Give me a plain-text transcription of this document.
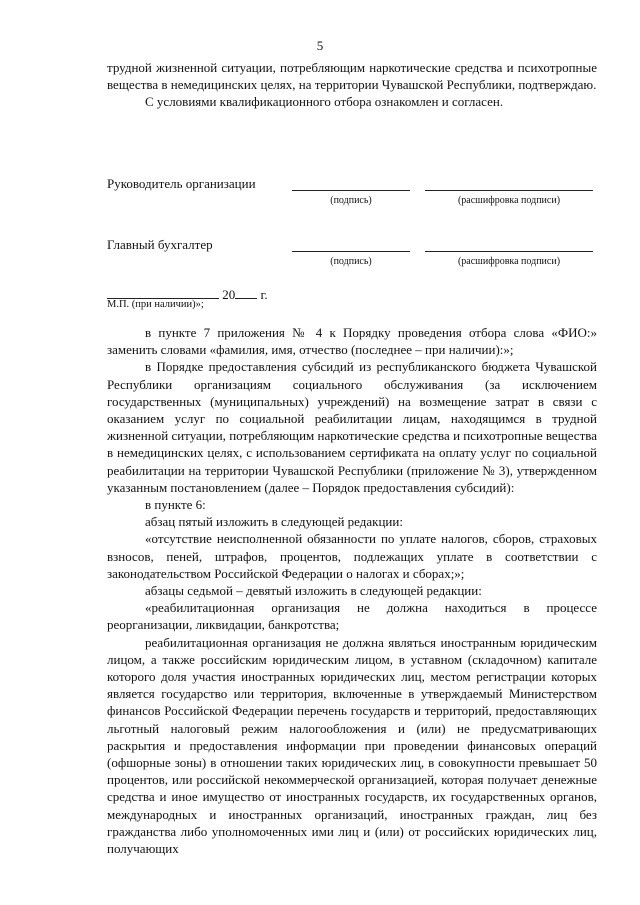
5

трудной жизненной ситуации, потребляющим наркотические средства и психотропные вещества в немедицинских целях, на территории Чувашской Республики, подтверждаю.

С условиями квалификационного отбора ознакомлен и согласен.

Руководитель организации
(подпись)	(расшифровка подписи)
Главный бухгалтер
(подпись)	(расшифровка подписи)
20 г.
М.П. (при наличии)»;

в пункте 7 приложения № 4 к Порядку проведения отбора слова «ФИО:» заменить словами «фамилия, имя, отчество (последнее – при наличии):»;

в Порядке предоставления субсидий из республиканского бюджета Чувашской Республики организациям социального обслуживания (за исключением государственных (муниципальных) учреждений) на возмещение затрат в связи с оказанием услуг по социальной реабилитации лицам, находящимся в трудной жизненной ситуации, потребляющим наркотические средства и психотропные вещества в немедицинских целях, с использованием сертификата на оплату услуг по социальной реабилитации на территории Чувашской Республики (приложение № 3), утвержденном указанным постановлением (далее – Порядок предоставления субсидий):

в пункте 6:

абзац пятый изложить в следующей редакции:

«отсутствие неисполненной обязанности по уплате налогов, сборов, страховых взносов, пеней, штрафов, процентов, подлежащих уплате в соответствии с законодательством Российской Федерации о налогах и сборах;»;

абзацы седьмой – девятый изложить в следующей редакции:

«реабилитационная организация не должна находиться в процессе реорганизации, ликвидации, банкротства;

реабилитационная организация не должна являться иностранным юридическим лицом, а также российским юридическим лицом, в уставном (складочном) капитале которого доля участия иностранных юридических лиц, местом регистрации которых является государство или территория, включенные в утверждаемый Министерством финансов Российской Федерации перечень государств и территорий, предоставляющих льготный налоговый режим налогообложения и (или) не предусматривающих раскрытия и предоставления информации при проведении финансовых операций (офшорные зоны) в отношении таких юридических лиц, в совокупности превышает 50 процентов, или российской некоммерческой организацией, которая получает денежные средства и иное имущество от иностранных государств, их государственных органов, международных и иностранных организаций, иностранных граждан, лиц без гражданства либо уполномоченных ими лиц и (или) от российских юридических лиц, получающих
